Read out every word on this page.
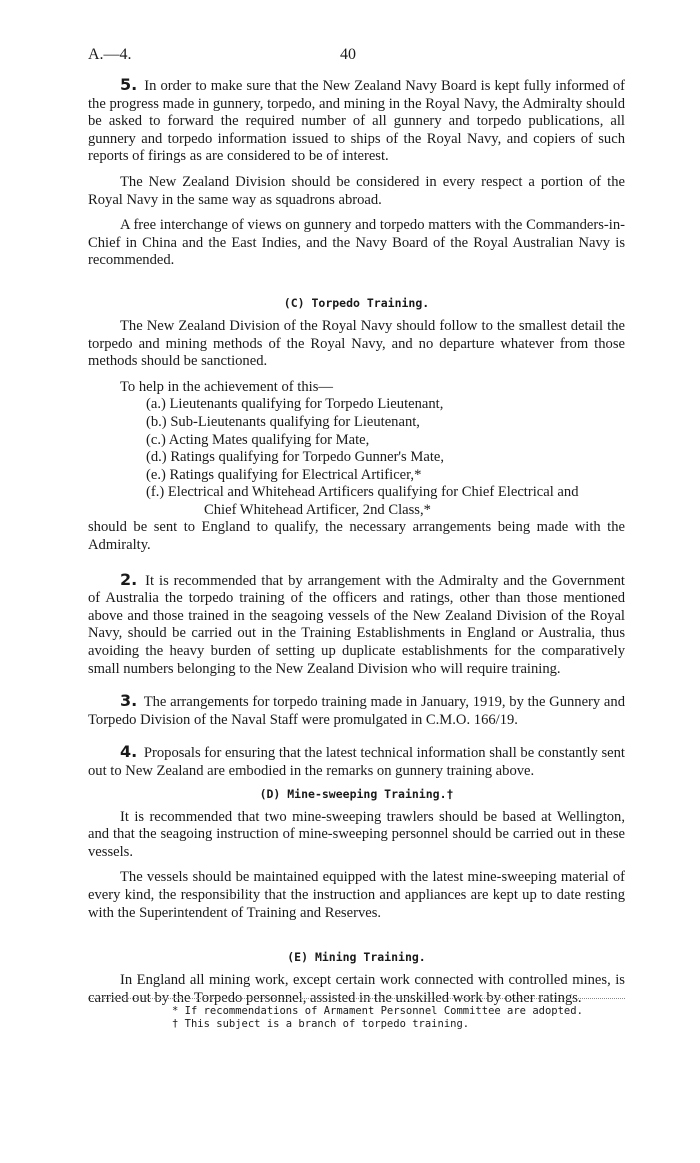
A.—4.	40

5. In order to make sure that the New Zealand Navy Board is kept fully informed of the progress made in gunnery, torpedo, and mining in the Royal Navy, the Admiralty should be asked to forward the required number of all gunnery and torpedo publications, all gunnery and torpedo information issued to ships of the Royal Navy, and copiers of such reports of firings as are considered to be of interest.

The New Zealand Division should be considered in every respect a portion of the Royal Navy in the same way as squadrons abroad.

A free interchange of views on gunnery and torpedo matters with the Commanders-in-Chief in China and the East Indies, and the Navy Board of the Royal Australian Navy is recommended.

(C) Torpedo Training.

The New Zealand Division of the Royal Navy should follow to the smallest detail the torpedo and mining methods of the Royal Navy, and no departure whatever from those methods should be sanctioned.

To help in the achievement of this—

(a.) Lieutenants qualifying for Torpedo Lieutenant,
(b.) Sub-Lieutenants qualifying for Lieutenant,
(c.) Acting Mates qualifying for Mate,
(d.) Ratings qualifying for Torpedo Gunner's Mate,
(e.) Ratings qualifying for Electrical Artificer,*
(f.) Electrical and Whitehead Artificers qualifying for Chief Electrical and
Chief Whitehead Artificer, 2nd Class,*

should be sent to England to qualify, the necessary arrangements being made with the Admiralty.

2. It is recommended that by arrangement with the Admiralty and the Government of Australia the torpedo training of the officers and ratings, other than those mentioned above and those trained in the seagoing vessels of the New Zealand Division of the Royal Navy, should be carried out in the Training Establishments in England or Australia, thus avoiding the heavy burden of setting up duplicate establishments for the comparatively small numbers belonging to the New Zealand Division who will require training.

3. The arrangements for torpedo training made in January, 1919, by the Gunnery and Torpedo Division of the Naval Staff were promulgated in C.M.O. 166/19.

4. Proposals for ensuring that the latest technical information shall be constantly sent out to New Zealand are embodied in the remarks on gunnery training above.

(D) Mine-sweeping Training.†

It is recommended that two mine-sweeping trawlers should be based at Wellington, and that the seagoing instruction of mine-sweeping personnel should be carried out in these vessels.

The vessels should be maintained equipped with the latest mine-sweeping material of every kind, the responsibility that the instruction and appliances are kept up to date resting with the Superintendent of Training and Reserves.

(E) Mining Training.

In England all mining work, except certain work connected with controlled mines, is carried out by the Torpedo personnel, assisted in the unskilled work by other ratings.

* If recommendations of Armament Personnel Committee are adopted.
† This subject is a branch of torpedo training.
